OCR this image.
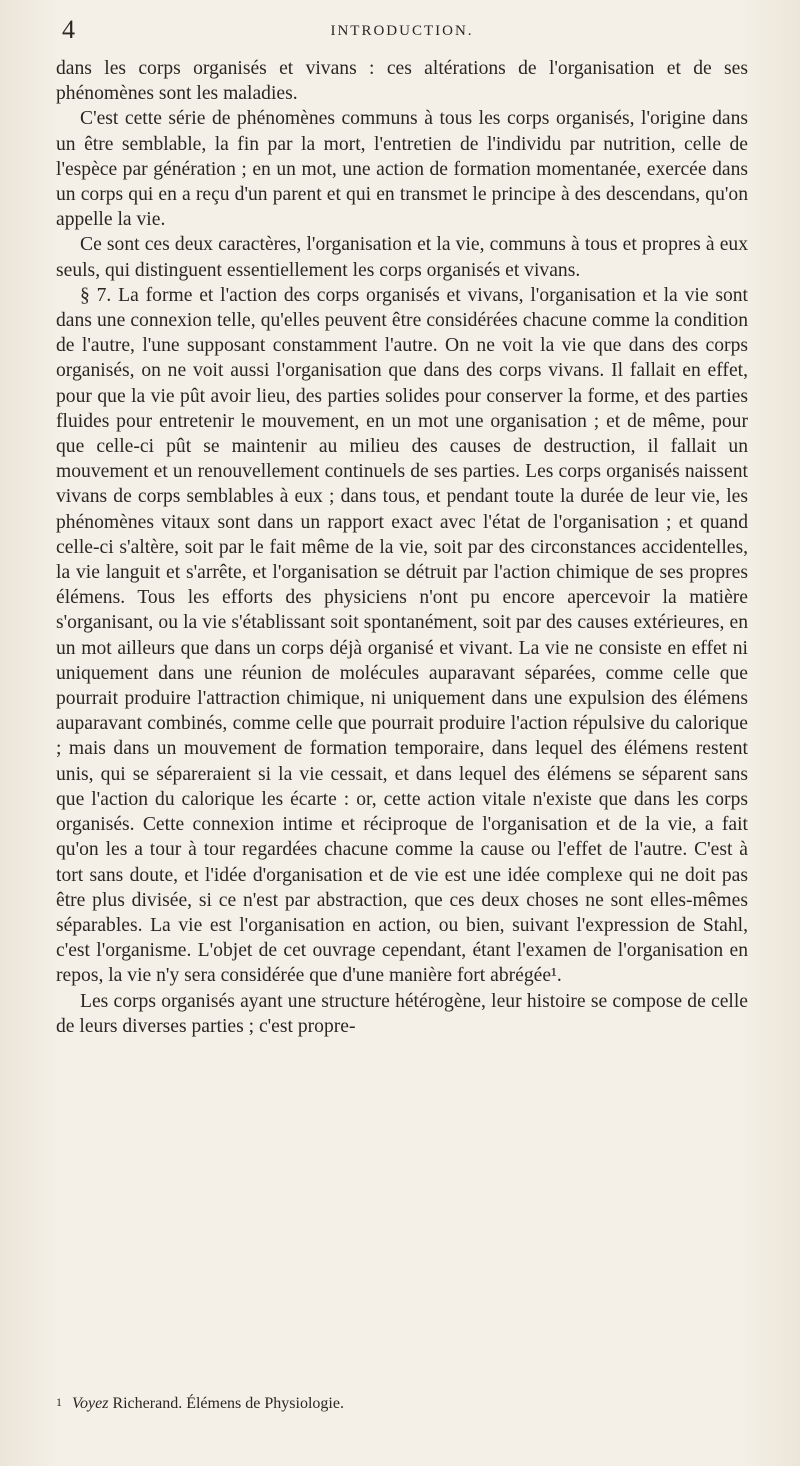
4	INTRODUCTION.

dans les corps organisés et vivans : ces altérations de l'organisation et de ses phénomènes sont les maladies.

C'est cette série de phénomènes communs à tous les corps organisés, l'origine dans un être semblable, la fin par la mort, l'entretien de l'individu par nutrition, celle de l'espèce par génération ; en un mot, une action de formation momentanée, exercée dans un corps qui en a reçu d'un parent et qui en transmet le principe à des descendans, qu'on appelle la vie.

Ce sont ces deux caractères, l'organisation et la vie, communs à tous et propres à eux seuls, qui distinguent essentiellement les corps organisés et vivans.

§ 7. La forme et l'action des corps organisés et vivans, l'organisation et la vie sont dans une connexion telle, qu'elles peuvent être considérées chacune comme la condition de l'autre, l'une supposant constamment l'autre. On ne voit la vie que dans des corps organisés, on ne voit aussi l'organisation que dans des corps vivans. Il fallait en effet, pour que la vie pût avoir lieu, des parties solides pour conserver la forme, et des parties fluides pour entretenir le mouvement, en un mot une organisation ; et de même, pour que celle-ci pût se maintenir au milieu des causes de destruction, il fallait un mouvement et un renouvellement continuels de ses parties. Les corps organisés naissent vivans de corps semblables à eux ; dans tous, et pendant toute la durée de leur vie, les phénomènes vitaux sont dans un rapport exact avec l'état de l'organisation ; et quand celle-ci s'altère, soit par le fait même de la vie, soit par des circonstances accidentelles, la vie languit et s'arrête, et l'organisation se détruit par l'action chimique de ses propres élémens. Tous les efforts des physiciens n'ont pu encore apercevoir la matière s'organisant, ou la vie s'établissant soit spontanément, soit par des causes extérieures, en un mot ailleurs que dans un corps déjà organisé et vivant. La vie ne consiste en effet ni uniquement dans une réunion de molécules auparavant séparées, comme celle que pourrait produire l'attraction chimique, ni uniquement dans une expulsion des élémens auparavant combinés, comme celle que pourrait produire l'action répulsive du calorique ; mais dans un mouvement de formation temporaire, dans lequel des élémens restent unis, qui se sépareraient si la vie cessait, et dans lequel des élémens se séparent sans que l'action du calorique les écarte : or, cette action vitale n'existe que dans les corps organisés. Cette connexion intime et réciproque de l'organisation et de la vie, a fait qu'on les a tour à tour regardées chacune comme la cause ou l'effet de l'autre. C'est à tort sans doute, et l'idée d'organisation et de vie est une idée complexe qui ne doit pas être plus divisée, si ce n'est par abstraction, que ces deux choses ne sont elles-mêmes séparables. La vie est l'organisation en action, ou bien, suivant l'expression de Stahl, c'est l'organisme. L'objet de cet ouvrage cependant, étant l'examen de l'organisation en repos, la vie n'y sera considérée que d'une manière fort abrégée¹.

Les corps organisés ayant une structure hétérogène, leur histoire se compose de celle de leurs diverses parties ; c'est propre-

1 Voyez Richerand. Élémens de Physiologie.
